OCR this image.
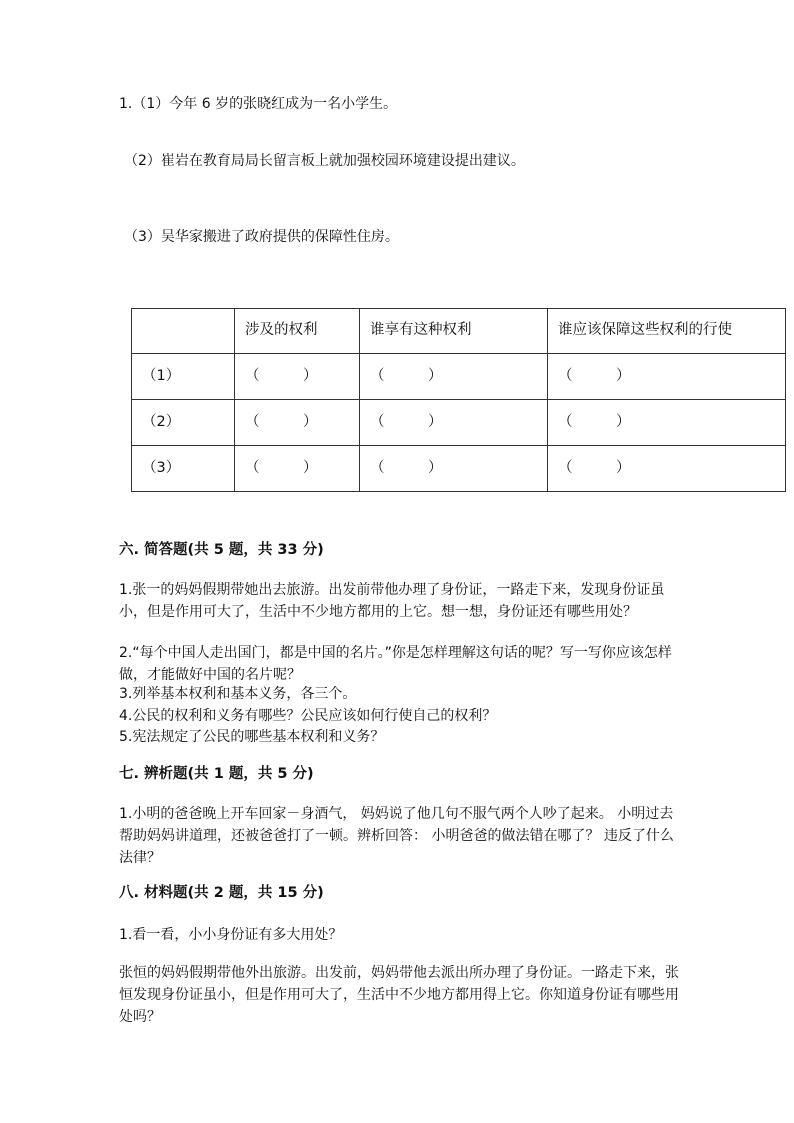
1.（1）今年 6 岁的张晓红成为一名小学生。
（2）崔岩在教育局局长留言板上就加强校园环境建设提出建议。
（3）吴华家搬进了政府提供的保障性住房。
	涉及的权利	谁享有这种权利	谁应该保障这些权利的行使
（1）	（　　　）	（　　　）	（　　　）
（2）	（　　　）	（　　　）	（　　　）
（3）	（　　　）	（　　　）	（　　　）
六. 简答题(共 5 题，共 33 分)
1.张一的妈妈假期带她出去旅游。出发前带他办理了身份证，一路走下来，发现身份证虽小，但是作用可大了，生活中不少地方都用的上它。想一想，身份证还有哪些用处？
2.“每个中国人走出国门，都是中国的名片。”你是怎样理解这句话的呢？写一写你应该怎样做，才能做好中国的名片呢？
3.列举基本权利和基本义务，各三个。
4.公民的权利和义务有哪些？公民应该如何行使自己的权利？
5.宪法规定了公民的哪些基本权利和义务？
七. 辨析题(共 1 题，共 5 分)
1.小明的爸爸晚上开车回家－身酒气， 妈妈说了他几句不服气两个人吵了起来。 小明过去帮助妈妈讲道理，还被爸爸打了一顿。辨析回答： 小明爸爸的做法错在哪了？ 违反了什么法律？
八. 材料题(共 2 题，共 15 分)
1.看一看，小小身份证有多大用处？
张恒的妈妈假期带他外出旅游。出发前，妈妈带他去派出所办理了身份证。一路走下来，张恒发现身份证虽小，但是作用可大了，生活中不少地方都用得上它。你知道身份证有哪些用处吗？
